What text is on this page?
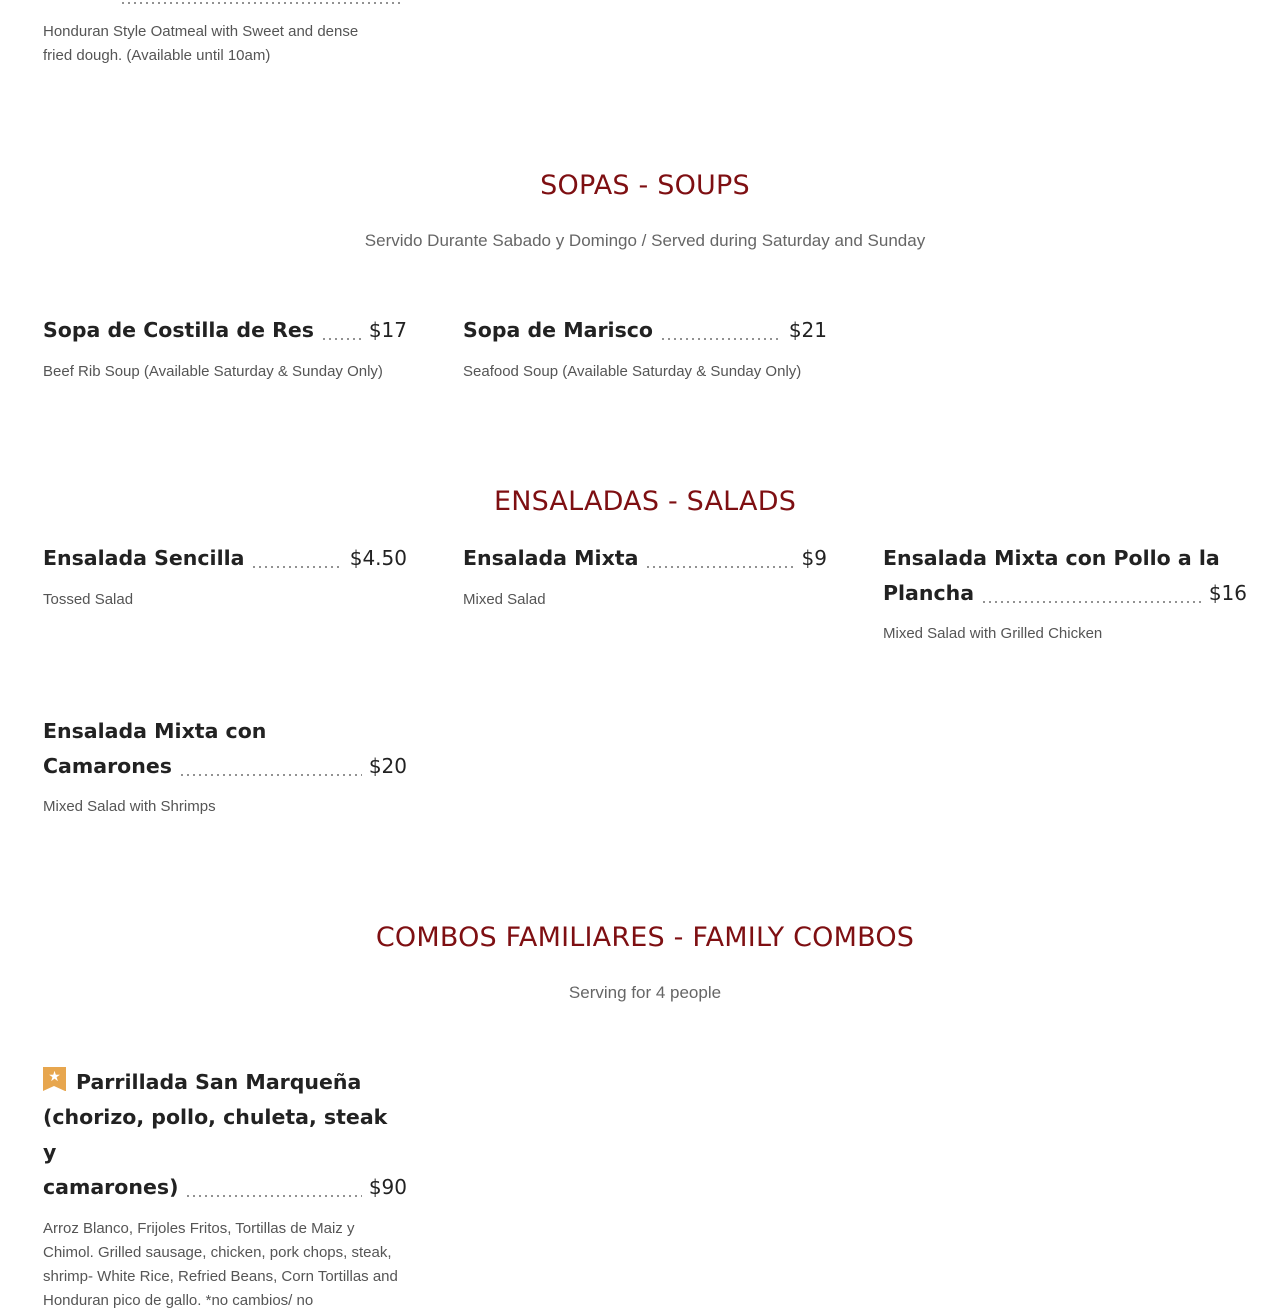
Honduran Style Oatmeal with Sweet and dense fried dough. (Available until 10am)
SOPAS - SOUPS
Servido Durante Sabado y Domingo / Served during Saturday and Sunday
Sopa de Costilla de Res	$17
Beef Rib Soup (Available Saturday & Sunday Only)
Sopa de Marisco	$21
Seafood Soup (Available Saturday & Sunday Only)
ENSALADAS - SALADS
Ensalada Sencilla	$4.50
Tossed Salad
Ensalada Mixta	$9
Mixed Salad
Ensalada Mixta con Pollo a la
Plancha	$16
Mixed Salad with Grilled Chicken
Ensalada Mixta con
Camarones	$20
Mixed Salad with Shrimps
COMBOS FAMILIARES - FAMILY COMBOS
Serving for 4 people
★ Parrillada San Marqueña
(chorizo, pollo, chuleta, steak y
camarones)	$90
Arroz Blanco, Frijoles Fritos, Tortillas de Maiz y Chimol. Grilled sausage, chicken, pork chops, steak, shrimp- White Rice, Refried Beans, Corn Tortillas and Honduran pico de gallo. *no cambios/ no
